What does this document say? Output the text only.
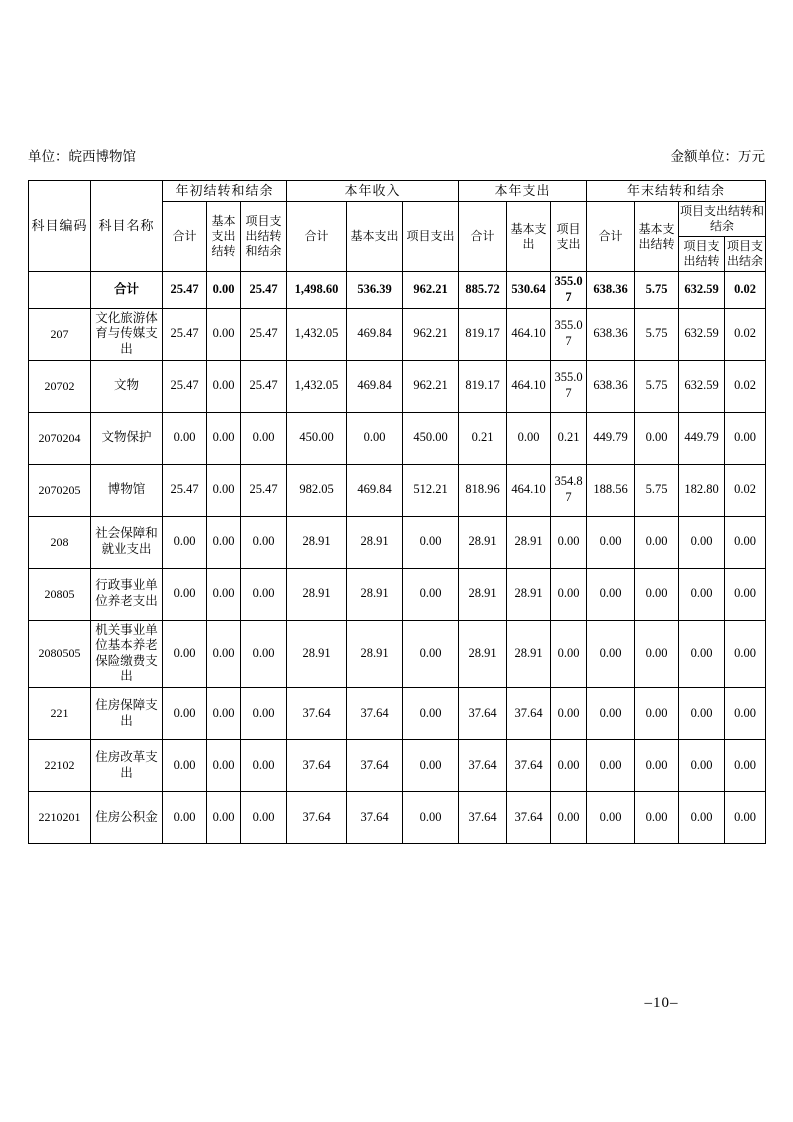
单位：皖西博物馆	金额单位：万元
科目编码	科目名称	年初结转和结余			本年收入			本年支出			年末结转和结余			
		合计	基本支出结转	项目支出结转和结余	合计	基本支出	项目支出	合计	基本支出	项目支出	合计	基本支出结转	项目支出结转和结余	
													项目支出结转	项目支出结余
	合计	25.47	0.00	25.47	1,498.60	536.39	962.21	885.72	530.64	355.07	638.36	5.75	632.59	0.02
207	文化旅游体育与传媒支出	25.47	0.00	25.47	1,432.05	469.84	962.21	819.17	464.10	355.07	638.36	5.75	632.59	0.02
20702	文物	25.47	0.00	25.47	1,432.05	469.84	962.21	819.17	464.10	355.07	638.36	5.75	632.59	0.02
2070204	文物保护	0.00	0.00	0.00	450.00	0.00	450.00	0.21	0.00	0.21	449.79	0.00	449.79	0.00
2070205	博物馆	25.47	0.00	25.47	982.05	469.84	512.21	818.96	464.10	354.87	188.56	5.75	182.80	0.02
208	社会保障和就业支出	0.00	0.00	0.00	28.91	28.91	0.00	28.91	28.91	0.00	0.00	0.00	0.00	0.00
20805	行政事业单位养老支出	0.00	0.00	0.00	28.91	28.91	0.00	28.91	28.91	0.00	0.00	0.00	0.00	0.00
2080505	机关事业单位基本养老保险缴费支出	0.00	0.00	0.00	28.91	28.91	0.00	28.91	28.91	0.00	0.00	0.00	0.00	0.00
221	住房保障支出	0.00	0.00	0.00	37.64	37.64	0.00	37.64	37.64	0.00	0.00	0.00	0.00	0.00
22102	住房改革支出	0.00	0.00	0.00	37.64	37.64	0.00	37.64	37.64	0.00	0.00	0.00	0.00	0.00
2210201	住房公积金	0.00	0.00	0.00	37.64	37.64	0.00	37.64	37.64	0.00	0.00	0.00	0.00	0.00
–10–
